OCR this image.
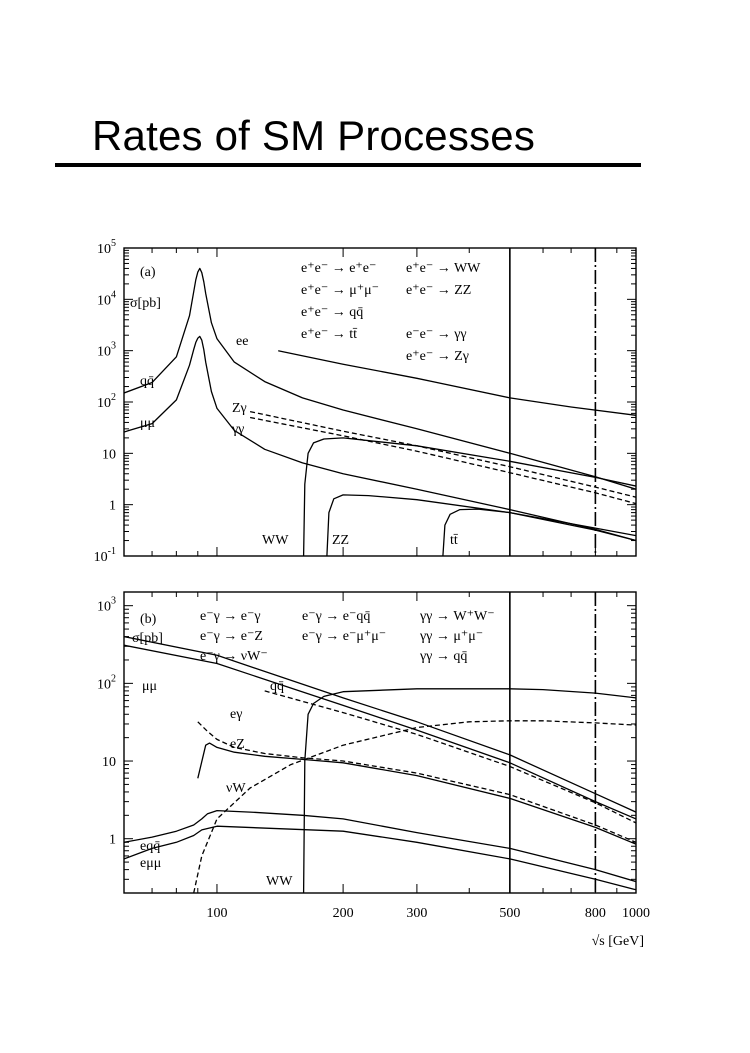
Rates of SM Processes
$10^{-1}$
1
10
$10^2$
$10^3$
$10^4$
$10^5$
(a)
σ[pb]
ee
qq̄
μμ
Zγ
γγ
WW	ZZ	tt̄
e⁺e⁻ → e⁺e⁻
e⁺e⁻ → μ⁺μ⁻
e⁺e⁻ → qq̄
e⁺e⁻ → tt̄
e⁺e⁻ → WW
e⁺e⁻ → ZZ
e⁻e⁻ → γγ
e⁺e⁻ → Zγ
1
10
$10^2$
$10^3$
100	200	300	500	800 1000
√s [GeV]
(b)
σ[pb]
qq̄
μμ
eγ
eZ
νW
eqq̄
eμμ
WW
e⁻γ → e⁻γ
e⁻γ → e⁻Z
e⁻γ → νW⁻
e⁻γ → e⁻qq̄
e⁻γ → e⁻μ⁺μ⁻
γγ → W⁺W⁻
γγ → μ⁺μ⁻
γγ → qq̄
